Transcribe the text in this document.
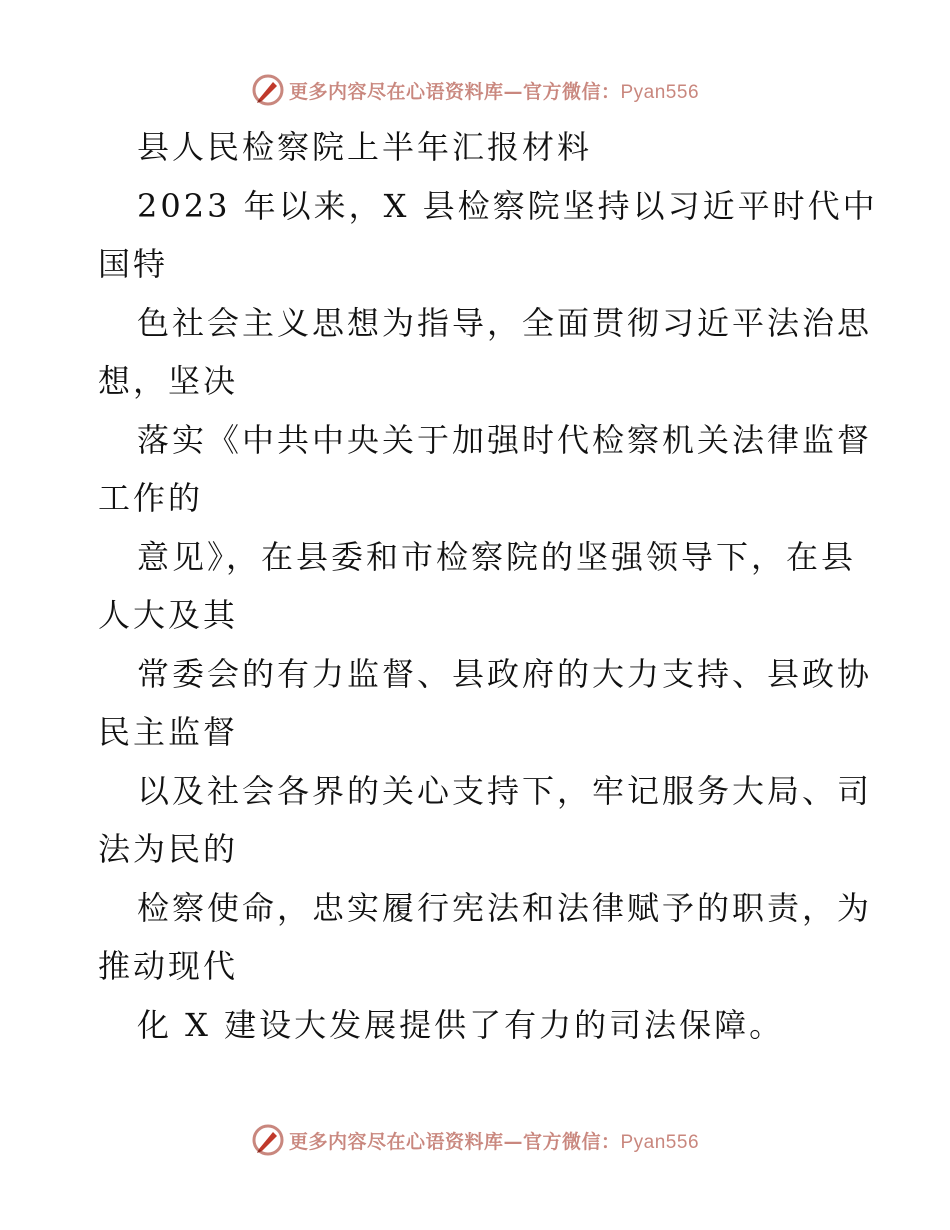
更多内容尽在心语资料库—官方微信：Pyan556
县人民检察院上半年汇报材料
2023 年以来，X 县检察院坚持以习近平时代中
国特
色社会主义思想为指导，全面贯彻习近平法治思
想，坚决
落实《中共中央关于加强时代检察机关法律监督
工作的
意见》，在县委和市检察院的坚强领导下，在县
人大及其
常委会的有力监督、县政府的大力支持、县政协
民主监督
以及社会各界的关心支持下，牢记服务大局、司
法为民的
检察使命，忠实履行宪法和法律赋予的职责，为
推动现代
化 X 建设大发展提供了有力的司法保障。
更多内容尽在心语资料库—官方微信：Pyan556
